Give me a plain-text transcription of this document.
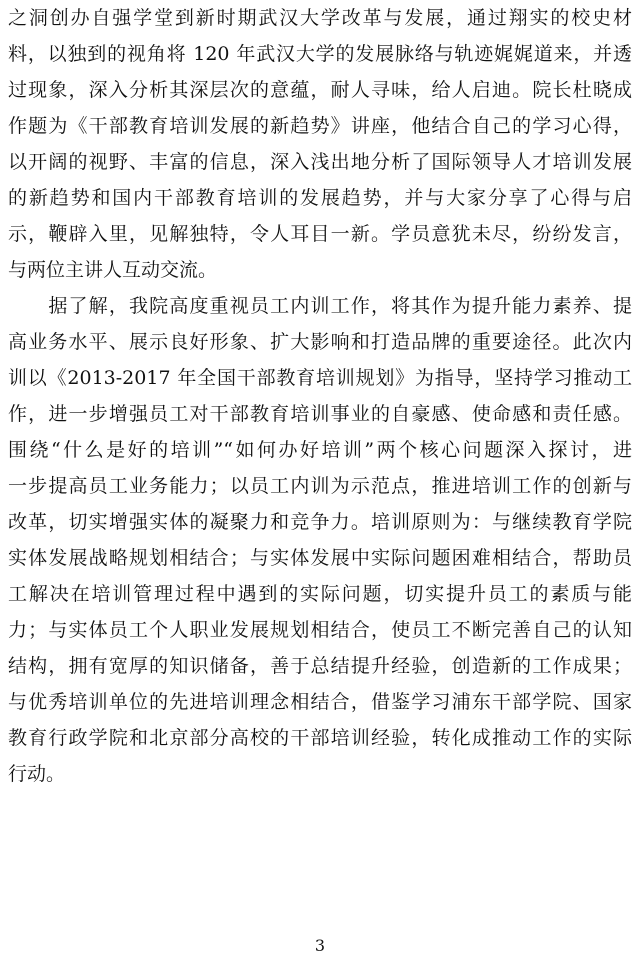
之洞创办自强学堂到新时期武汉大学改革与发展，通过翔实的校史材
料，以独到的视角将 120 年武汉大学的发展脉络与轨迹娓娓道来，并透
过现象，深入分析其深层次的意蕴，耐人寻味，给人启迪。院长杜晓成
作题为《干部教育培训发展的新趋势》讲座，他结合自己的学习心得，
以开阔的视野、丰富的信息，深入浅出地分析了国际领导人才培训发展
的新趋势和国内干部教育培训的发展趋势，并与大家分享了心得与启
示，鞭辟入里，见解独特，令人耳目一新。学员意犹未尽，纷纷发言，
与两位主讲人互动交流。
　　据了解，我院高度重视员工内训工作，将其作为提升能力素养、提
高业务水平、展示良好形象、扩大影响和打造品牌的重要途径。此次内
训以《2013-2017 年全国干部教育培训规划》为指导，坚持学习推动工
作，进一步增强员工对干部教育培训事业的自豪感、使命感和责任感。
围绕“什么是好的培训”“如何办好培训”两个核心问题深入探讨，进
一步提高员工业务能力；以员工内训为示范点，推进培训工作的创新与
改革，切实增强实体的凝聚力和竞争力。培训原则为：与继续教育学院
实体发展战略规划相结合；与实体发展中实际问题困难相结合，帮助员
工解决在培训管理过程中遇到的实际问题，切实提升员工的素质与能
力；与实体员工个人职业发展规划相结合，使员工不断完善自己的认知
结构，拥有宽厚的知识储备，善于总结提升经验，创造新的工作成果；
与优秀培训单位的先进培训理念相结合，借鉴学习浦东干部学院、国家
教育行政学院和北京部分高校的干部培训经验，转化成推动工作的实际
行动。
3
